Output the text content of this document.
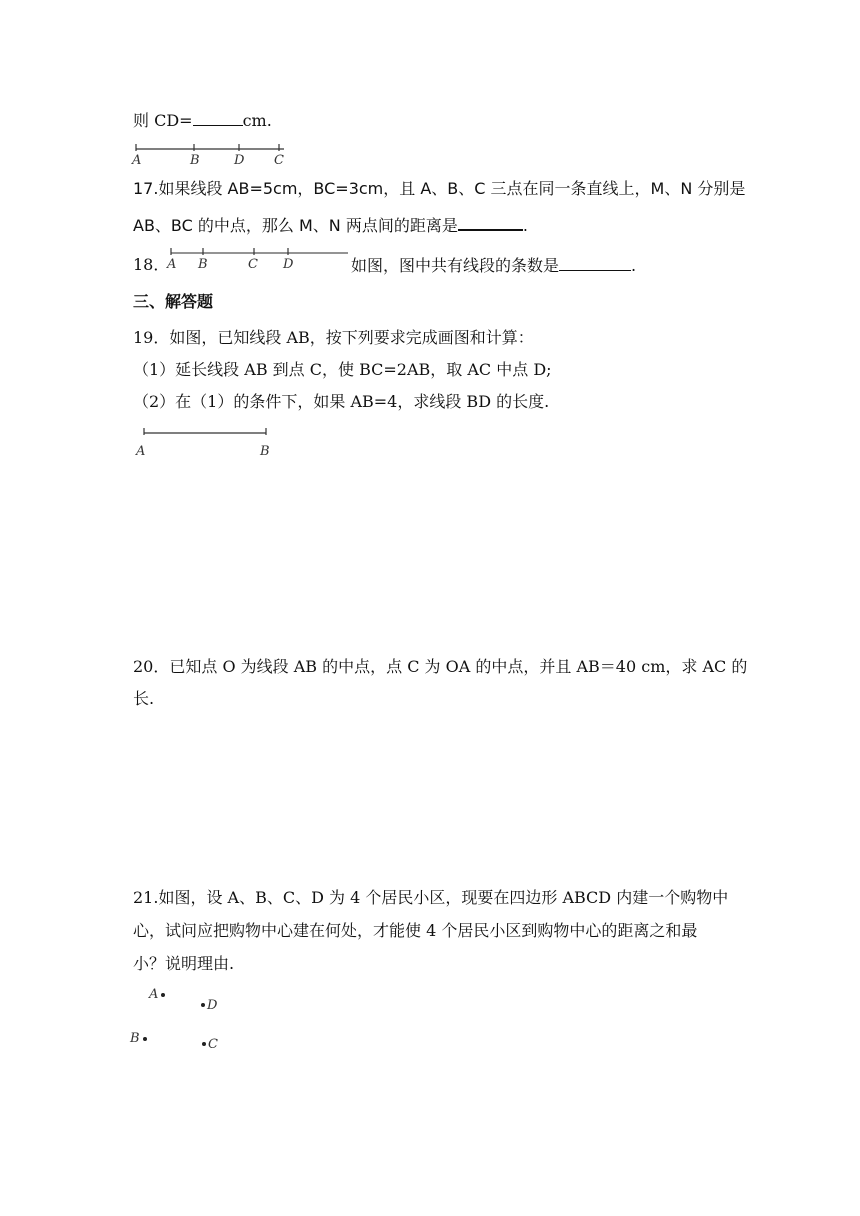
则 CD=	cm.
A	B	D C
17.如果线段 AB=5cm，BC=3cm，且 A、B、C 三点在同一条直线上，M、N 分别是
AB、BC 的中点，那么 M、N 两点间的距离是	.
18．
A B	C D	如图，图中共有线段的条数是	.
三、解答题
19．如图，已知线段 AB，按下列要求完成画图和计算：
（1）延长线段 AB 到点 C，使 BC=2AB，取 AC 中点 D;
（2）在（1）的条件下，如果 AB=4，求线段 BD 的长度.
A	B
20．已知点 O 为线段 AB 的中点，点 C 为 OA 的中点，并且 AB＝40 cm，求 AC 的
长.
21.如图，设 A、B、C、D 为 4 个居民小区，现要在四边形 ABCD 内建一个购物中
心，试问应把购物中心建在何处，才能使 4 个居民小区到购物中心的距离之和最
小？说明理由.
A
D
B	C
